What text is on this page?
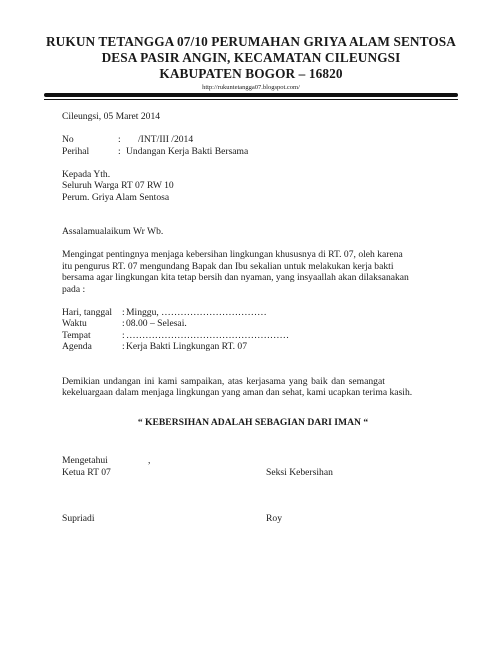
RUKUN TETANGGA 07/10 PERUMAHAN GRIYA ALAM SENTOSA
DESA PASIR ANGIN, KECAMATAN CILEUNGSI
KABUPATEN BOGOR – 16820
http://rukuntetangga07.blogspot.com/
Cileungsi, 05 Maret 2014
No	:	/INT/III /2014
Perihal	: Undangan Kerja Bakti Bersama
Kepada Yth.
Seluruh Warga RT 07 RW 10
Perum. Griya Alam Sentosa
Assalamualaikum Wr Wb.
Mengingat pentingnya menjaga kebersihan lingkungan khususnya di RT. 07, oleh karena
itu pengurus RT. 07 mengundang Bapak dan Ibu sekalian untuk melakukan kerja bakti
bersama agar lingkungan kita tetap bersih dan nyaman, yang insyaallah akan dilaksanakan
pada :
Hari, tanggal	: Minggu, ……………………………
Waktu	: 08.00 – Selesai.
Tempat	: ……………………………………………
Agenda	: Kerja Bakti Lingkungan RT. 07
Demikian undangan ini kami sampaikan, atas kerjasama yang baik dan semangat
kekeluargaan dalam menjaga lingkungan yang aman dan sehat, kami ucapkan terima kasih.
“ KEBERSIHAN ADALAH SEBAGIAN DARI IMAN “
Mengetahui	,
Ketua RT 07	Seksi Kebersihan
Supriadi	Roy
